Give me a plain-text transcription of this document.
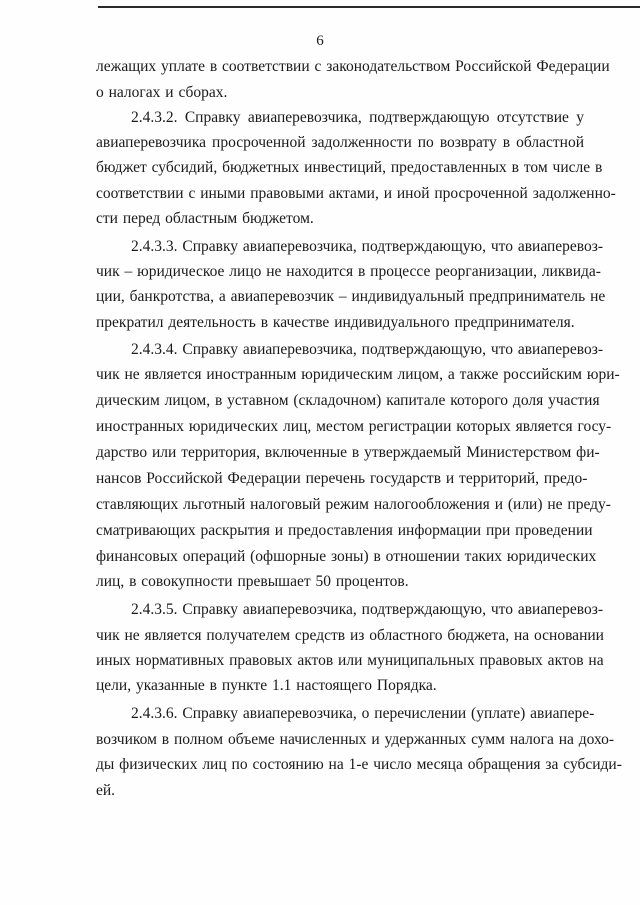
6
лежащих уплате в соответствии с законодательством Российской Федерации
о налогах и сборах.
2.4.3.2. Справку авиаперевозчика, подтверждающую отсутствие у
авиаперевозчика просроченной задолженности по возврату в областной
бюджет субсидий, бюджетных инвестиций, предоставленных в том числе в
соответствии с иными правовыми актами, и иной просроченной задолженно-
сти перед областным бюджетом.
2.4.3.3. Справку авиаперевозчика, подтверждающую, что авиаперевоз-
чик – юридическое лицо не находится в процессе реорганизации, ликвида-
ции, банкротства, а авиаперевозчик – индивидуальный предприниматель не
прекратил деятельность в качестве индивидуального предпринимателя.
2.4.3.4. Справку авиаперевозчика, подтверждающую, что авиаперевоз-
чик не является иностранным юридическим лицом, а также российским юри-
дическим лицом, в уставном (складочном) капитале которого доля участия
иностранных юридических лиц, местом регистрации которых является госу-
дарство или территория, включенные в утверждаемый Министерством фи-
нансов Российской Федерации перечень государств и территорий, предо-
ставляющих льготный налоговый режим налогообложения и (или) не преду-
сматривающих раскрытия и предоставления информации при проведении
финансовых операций (офшорные зоны) в отношении таких юридических
лиц, в совокупности превышает 50 процентов.
2.4.3.5. Справку авиаперевозчика, подтверждающую, что авиаперевоз-
чик не является получателем средств из областного бюджета, на основании
иных нормативных правовых актов или муниципальных правовых актов на
цели, указанные в пункте 1.1 настоящего Порядка.
2.4.3.6. Справку авиаперевозчика, о перечислении (уплате) авиапере-
возчиком в полном объеме начисленных и удержанных сумм налога на дохо-
ды физических лиц по состоянию на 1-е число месяца обращения за субсиди-
ей.
